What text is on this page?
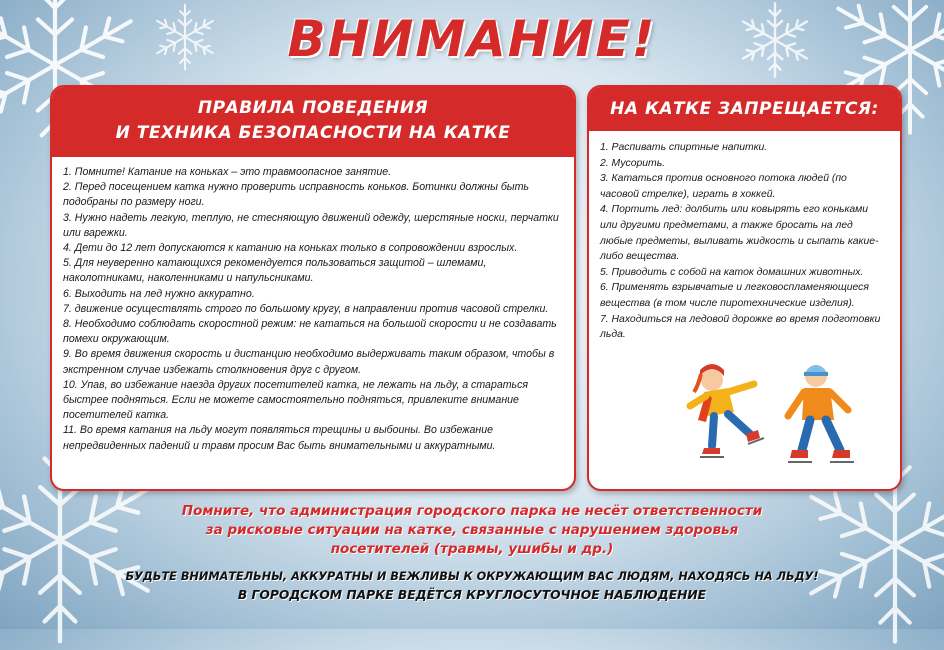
ВНИМАНИЕ!
ПРАВИЛА ПОВЕДЕНИЯ
И ТЕХНИКА БЕЗОПАСНОСТИ НА КАТКЕ
1. Помните! Катание на коньках – это травмоопасное занятие.
2. Перед посещением катка нужно проверить исправность коньков. Ботинки должны быть подобраны по размеру ноги.
3. Нужно надеть легкую, теплую, не стесняющую движений одежду, шерстяные носки, перчатки или варежки.
4. Дети до 12 лет допускаются к катанию на коньках только в сопровождении взрослых.
5. Для неуверенно катающихся рекомендуется пользоваться защитой – шлемами, наколотниками, наколенниками и напульсниками.
6. Выходить на лед нужно аккуратно.
7. движение осуществлять строго по большому кругу, в направлении против часовой стрелки.
8. Необходимо соблюдать скоростной режим: не кататься на большой скорости и не создавать помехи окружающим.
9. Во время движения скорость и дистанцию необходимо выдерживать таким образом, чтобы в экстренном случае избежать столкновения друг с другом.
10. Упав, во избежание наезда других посетителей катка, не лежать на льду, а стараться быстрее подняться. Если не можете самостоятельно подняться, привлеките внимание посетителей катка.
11. Во время катания на льду могут появляться трещины и выбоины. Во избежание непредвиденных падений и травм просим Вас быть внимательными и аккуратными.
НА КАТКЕ ЗАПРЕЩАЕТСЯ:
1. Распивать спиртные напитки.
2. Мусорить.
3. Кататься против основного потока людей (по часовой стрелке), играть в хоккей.
4. Портить лед: долбить или ковырять его коньками или другими предметами, а также бросать на лед любые предметы, выливать жидкость и сыпать какие-либо вещества.
5. Приводить с собой на каток домашних животных.
6. Применять взрывчатые и легковоспламеняющиеся вещества (в том числе пиротехнические изделия).
7. Находиться на ледовой дорожке во время подготовки льда.

Помните, что администрация городского парка не несёт ответственности
за рисковые ситуации на катке, связанные с нарушением здоровья
посетителей (травмы, ушибы и др.)

БУДЬТЕ ВНИМАТЕЛЬНЫ, АККУРАТНЫ И ВЕЖЛИВЫ К ОКРУЖАЮЩИМ ВАС ЛЮДЯМ, НАХОДЯСЬ НА ЛЬДУ!

В ГОРОДСКОМ ПАРКЕ ВЕДЁТСЯ КРУГЛОСУТОЧНОЕ НАБЛЮДЕНИЕ
